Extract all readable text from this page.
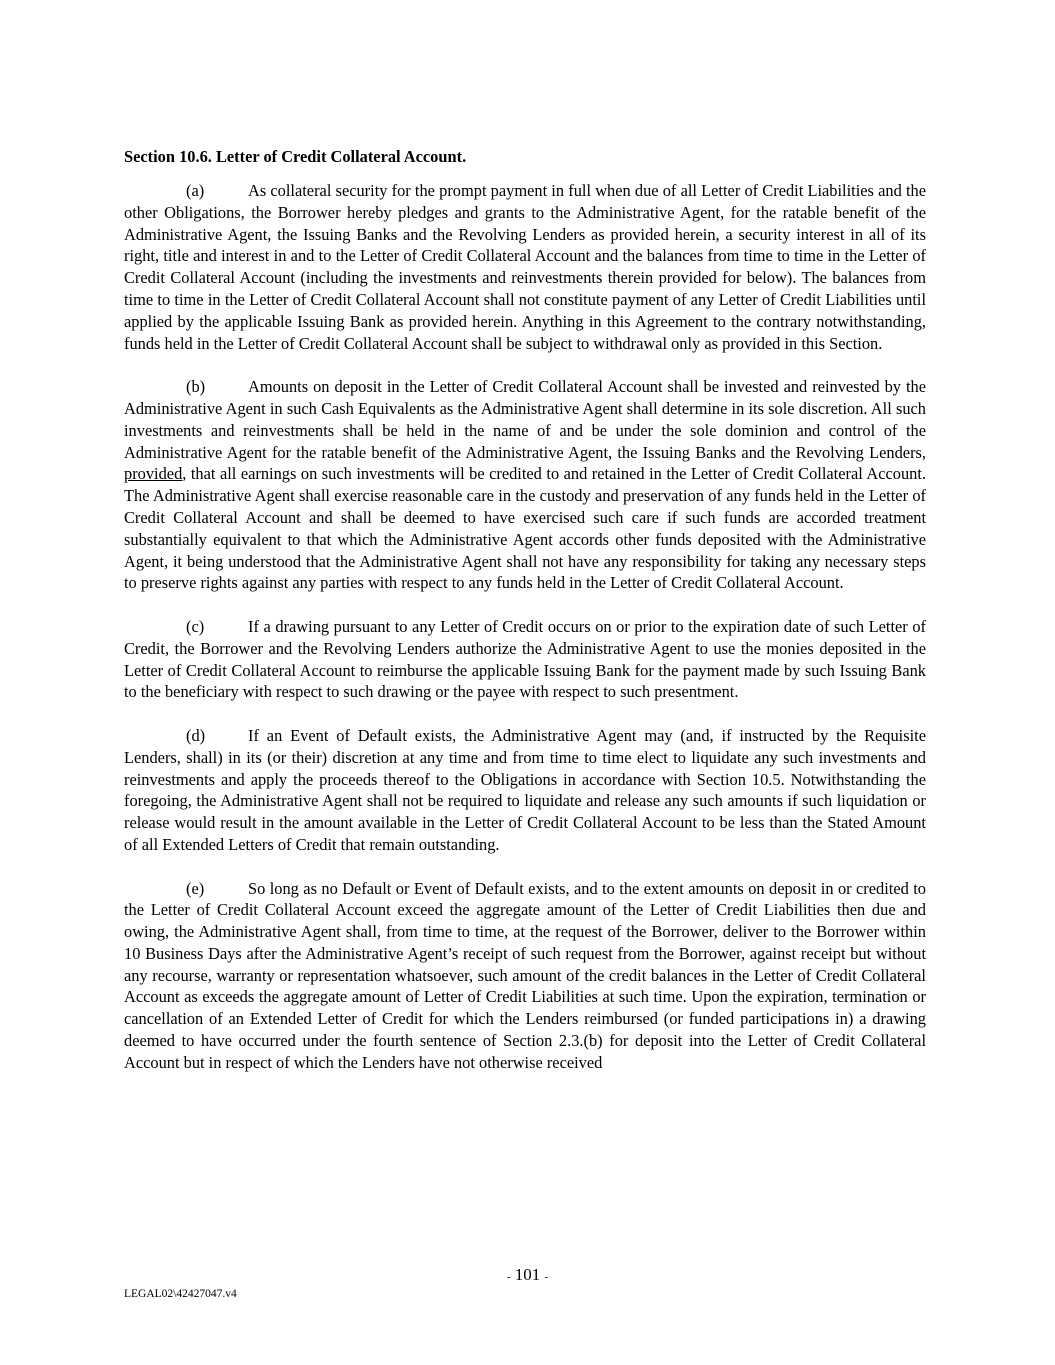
Section 10.6. Letter of Credit Collateral Account.

(a)	As collateral security for the prompt payment in full when due of all Letter of Credit Liabilities and the other Obligations, the Borrower hereby pledges and grants to the Administrative Agent, for the ratable benefit of the Administrative Agent, the Issuing Banks and the Revolving Lenders as provided herein, a security interest in all of its right, title and interest in and to the Letter of Credit Collateral Account and the balances from time to time in the Letter of Credit Collateral Account (including the investments and reinvestments therein provided for below). The balances from time to time in the Letter of Credit Collateral Account shall not constitute payment of any Letter of Credit Liabilities until applied by the applicable Issuing Bank as provided herein. Anything in this Agreement to the contrary notwithstanding, funds held in the Letter of Credit Collateral Account shall be subject to withdrawal only as provided in this Section.

(b)	Amounts on deposit in the Letter of Credit Collateral Account shall be invested and reinvested by the Administrative Agent in such Cash Equivalents as the Administrative Agent shall determine in its sole discretion. All such investments and reinvestments shall be held in the name of and be under the sole dominion and control of the Administrative Agent for the ratable benefit of the Administrative Agent, the Issuing Banks and the Revolving Lenders, provided, that all earnings on such investments will be credited to and retained in the Letter of Credit Collateral Account. The Administrative Agent shall exercise reasonable care in the custody and preservation of any funds held in the Letter of Credit Collateral Account and shall be deemed to have exercised such care if such funds are accorded treatment substantially equivalent to that which the Administrative Agent accords other funds deposited with the Administrative Agent, it being understood that the Administrative Agent shall not have any responsibility for taking any necessary steps to preserve rights against any parties with respect to any funds held in the Letter of Credit Collateral Account.

(c)	If a drawing pursuant to any Letter of Credit occurs on or prior to the expiration date of such Letter of Credit, the Borrower and the Revolving Lenders authorize the Administrative Agent to use the monies deposited in the Letter of Credit Collateral Account to reimburse the applicable Issuing Bank for the payment made by such Issuing Bank to the beneficiary with respect to such drawing or the payee with respect to such presentment.

(d)	If an Event of Default exists, the Administrative Agent may (and, if instructed by the Requisite Lenders, shall) in its (or their) discretion at any time and from time to time elect to liquidate any such investments and reinvestments and apply the proceeds thereof to the Obligations in accordance with Section 10.5. Notwithstanding the foregoing, the Administrative Agent shall not be required to liquidate and release any such amounts if such liquidation or release would result in the amount available in the Letter of Credit Collateral Account to be less than the Stated Amount of all Extended Letters of Credit that remain outstanding.

(e)	So long as no Default or Event of Default exists, and to the extent amounts on deposit in or credited to the Letter of Credit Collateral Account exceed the aggregate amount of the Letter of Credit Liabilities then due and owing, the Administrative Agent shall, from time to time, at the request of the Borrower, deliver to the Borrower within 10 Business Days after the Administrative Agent’s receipt of such request from the Borrower, against receipt but without any recourse, warranty or representation whatsoever, such amount of the credit balances in the Letter of Credit Collateral Account as exceeds the aggregate amount of Letter of Credit Liabilities at such time. Upon the expiration, termination or cancellation of an Extended Letter of Credit for which the Lenders reimbursed (or funded participations in) a drawing deemed to have occurred under the fourth sentence of Section 2.3.(b) for deposit into the Letter of Credit Collateral Account but in respect of which the Lenders have not otherwise received

- 101 -
LEGAL02\42427047.v4
